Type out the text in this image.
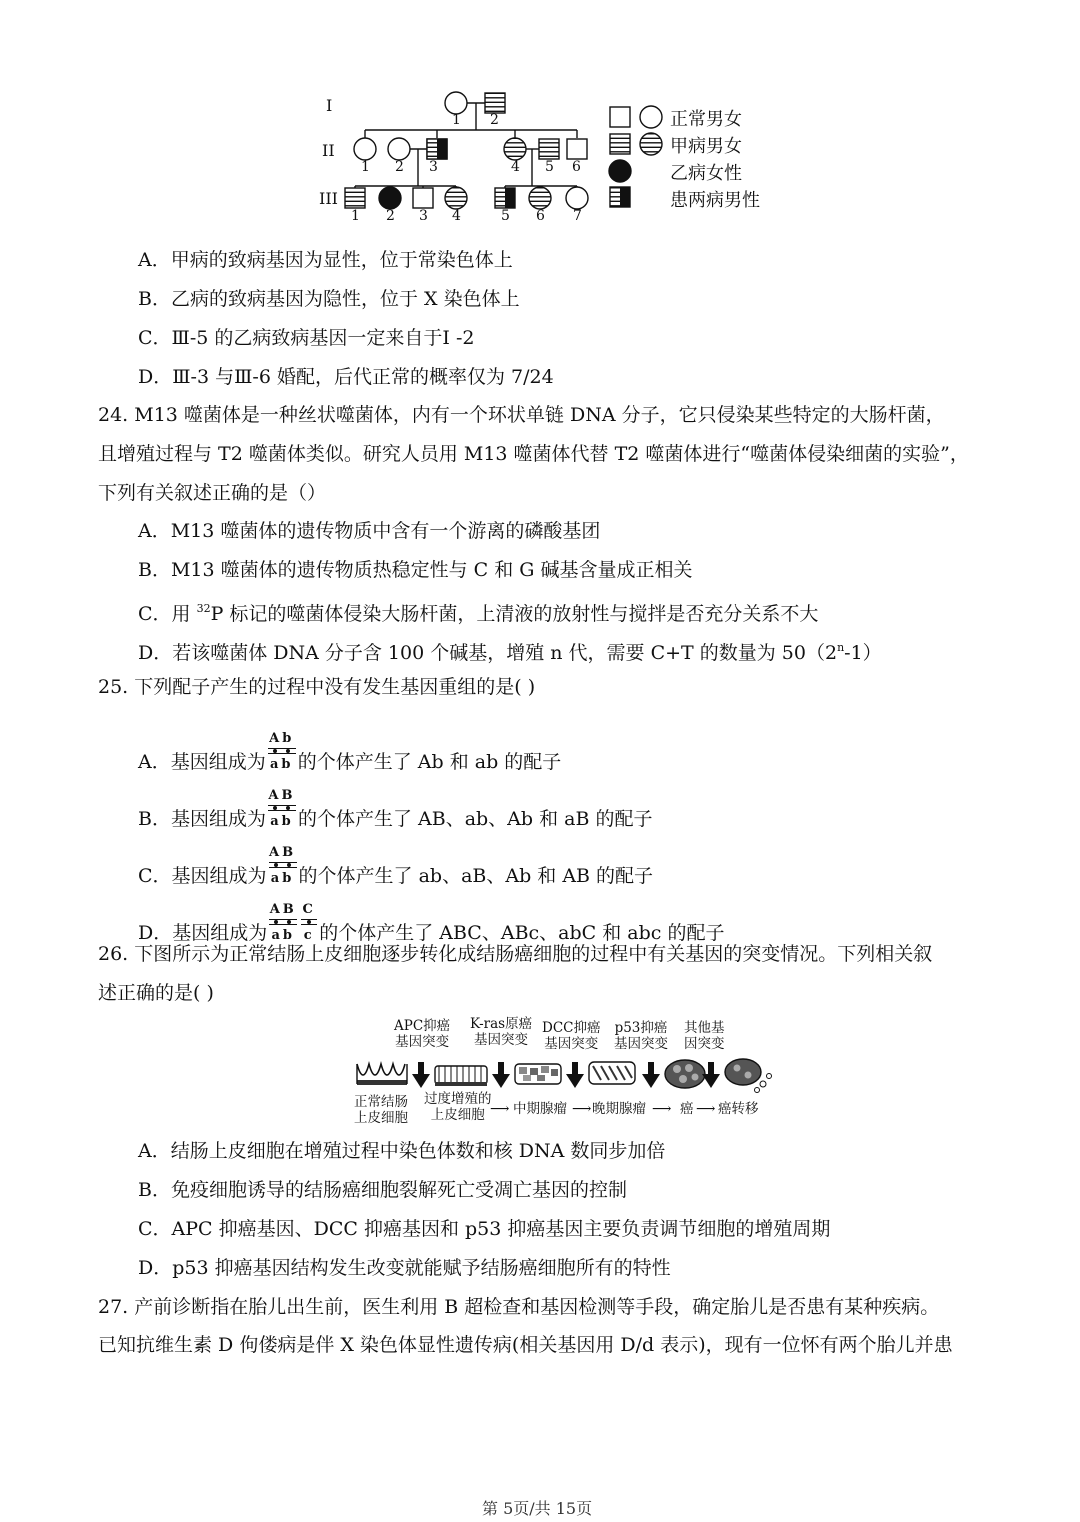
I
II
III
1 2
1 2 3	4 5 6
1 2 3 4	5 6 7
正常男女
甲病男女
乙病女性
患两病男性
A．甲病的致病基因为显性，位于常染色体上
B．乙病的致病基因为隐性，位于 X 染色体上
C．Ⅲ-5 的乙病致病基因一定来自于Ⅰ -2
D．Ⅲ-3 与Ⅲ-6 婚配，后代正常的概率仅为 7/24
24. M13 噬菌体是一种丝状噬菌体，内有一个环状单链 DNA 分子，它只侵染某些特定的大肠杆菌，
且增殖过程与 T2 噬菌体类似。研究人员用 M13 噬菌体代替 T2 噬菌体进行“噬菌体侵染细菌的实验”，
下列有关叙述正确的是（）
A．M13 噬菌体的遗传物质中含有一个游离的磷酸基团
B．M13 噬菌体的遗传物质热稳定性与 C 和 G 碱基含量成正相关
C．用 $^{32}$P 标记的噬菌体侵染大肠杆菌，上清液的放射性与搅拌是否充分关系不大
D．若该噬菌体 DNA 分子含 100 个碱基，增殖 n 代，需要 C+T 的数量为 50（2$^n$-1）
25. 下列配子产生的过程中没有发生基因重组的是( )
A．基因组成为
Ab
ab 的个体产生了 Ab 和 ab 的配子
B．基因组成为
AB
ab 的个体产生了 AB、ab、Ab 和 aB 的配子
C．基因组成为
AB
ab 的个体产生了 ab、aB、Ab 和 AB 的配子
D．基因组成为
AB
ab $\frac{C}{c}$ 的个体产生了 ABC、ABc、abC 和 abc 的配子
26. 下图所示为正常结肠上皮细胞逐步转化成结肠癌细胞的过程中有关基因的突变情况。下列相关叙
述正确的是( )
APC抑癌
基因突变
K-ras原癌
基因突变
DCC抑癌
基因突变
p53抑癌
基因突变
其他基
因突变
正常结肠
上皮细胞
过度增殖的
上皮细胞 ⟶ 中期腺瘤 ⟶ 晚期腺瘤 ⟶ 癌 ⟶ 癌转移
A．结肠上皮细胞在增殖过程中染色体数和核 DNA 数同步加倍
B．免疫细胞诱导的结肠癌细胞裂解死亡受凋亡基因的控制
C．APC 抑癌基因、DCC 抑癌基因和 p53 抑癌基因主要负责调节细胞的增殖周期
D．p53 抑癌基因结构发生改变就能赋予结肠癌细胞所有的特性
27. 产前诊断指在胎儿出生前，医生利用 B 超检查和基因检测等手段，确定胎儿是否患有某种疾病。
已知抗维生素 D 佝偻病是伴 X 染色体显性遗传病(相关基因用 D/d 表示)，现有一位怀有两个胎儿并患
第 5页/共 15页
